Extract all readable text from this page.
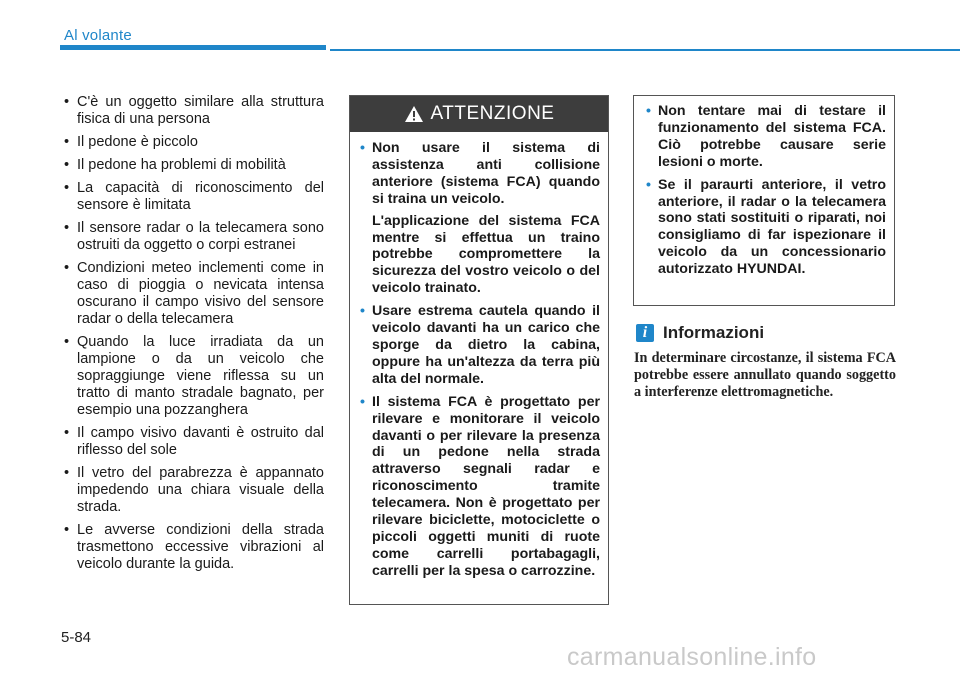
Al volante
• C'è un oggetto similare alla struttura fisica di una persona
• Il pedone è piccolo
• Il pedone ha problemi di mobilità
• La capacità di riconoscimento del sensore è limitata
• Il sensore radar o la telecamera sono ostruiti da oggetto o corpi estranei
• Condizioni meteo inclementi come in caso di pioggia o nevicata intensa oscurano il campo visivo del sensore radar o della telecamera
• Quando la luce irradiata da un lampione o da un veicolo che sopraggiunge viene riflessa su un tratto di manto stradale bagnato, per esempio una pozzanghera
• Il campo visivo davanti è ostruito dal riflesso del sole
• Il vetro del parabrezza è appannato impedendo una chiara visuale della strada.
• Le avverse condizioni della strada trasmettono eccessive vibrazioni al veicolo durante la guida.
ATTENZIONE

• Non usare il sistema di assistenza anti collisione anteriore (sistema FCA) quando si traina un veicolo.

L'applicazione del sistema FCA mentre si effettua un traino potrebbe compromettere la sicurezza del vostro veicolo o del veicolo trainato.

• Usare estrema cautela quando il veicolo davanti ha un carico che sporge da dietro la cabina, oppure ha un'altezza da terra più alta del normale.
• Il sistema FCA è progettato per rilevare e monitorare il veicolo davanti o per rilevare la presenza di un pedone nella strada attraverso segnali radar e riconoscimento tramite telecamera. Non è progettato per rilevare biciclette, motociclette o piccoli oggetti muniti di ruote come carrelli portabagagli, carrelli per la spesa o carrozzine.
• Non tentare mai di testare il funzionamento del sistema FCA. Ciò potrebbe causare serie lesioni o morte.
• Se il paraurti anteriore, il vetro anteriore, il radar o la telecamera sono stati sostituiti o riparati, noi consigliamo di far ispezionare il veicolo da un concessionario autorizzato HYUNDAI.
i Informazioni
In determinare circostanze, il sistema FCA potrebbe essere annullato quando soggetto a interferenze elettromagnetiche.
5-84
carmanualsonline.info
